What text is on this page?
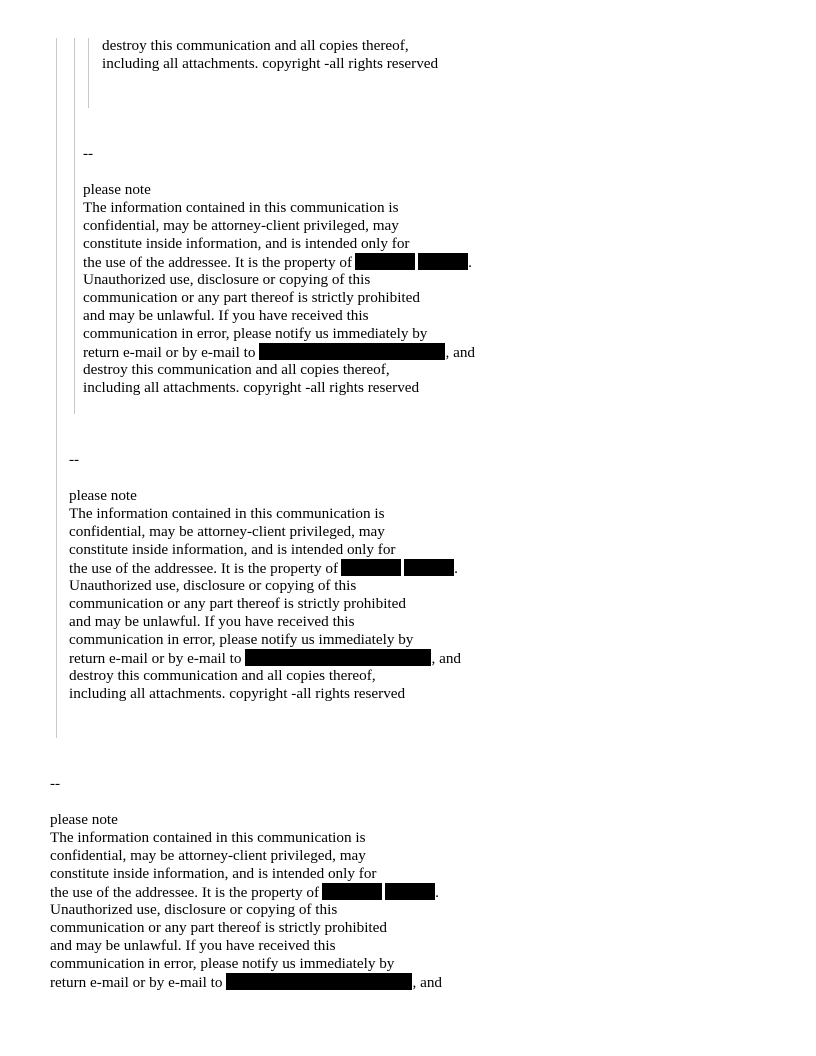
destroy this communication and all copies thereof,
including all attachments. copyright -all rights reserved
--
please note
The information contained in this communication is
confidential, may be attorney-client privileged, may
constitute inside information, and is intended only for
the use of the addressee. It is the property of	.
Unauthorized use, disclosure or copying of this
communication or any part thereof is strictly prohibited
and may be unlawful. If you have received this
communication in error, please notify us immediately by
return e-mail or by e-mail to	, and
destroy this communication and all copies thereof,
including all attachments. copyright -all rights reserved
--
please note
The information contained in this communication is
confidential, may be attorney-client privileged, may
constitute inside information, and is intended only for
the use of the addressee. It is the property of	.
Unauthorized use, disclosure or copying of this
communication or any part thereof is strictly prohibited
and may be unlawful. If you have received this
communication in error, please notify us immediately by
return e-mail or by e-mail to	, and
destroy this communication and all copies thereof,
including all attachments. copyright -all rights reserved
--
please note
The information contained in this communication is
confidential, may be attorney-client privileged, may
constitute inside information, and is intended only for
the use of the addressee. It is the property of	.
Unauthorized use, disclosure or copying of this
communication or any part thereof is strictly prohibited
and may be unlawful. If you have received this
communication in error, please notify us immediately by
return e-mail or by e-mail to	, and
